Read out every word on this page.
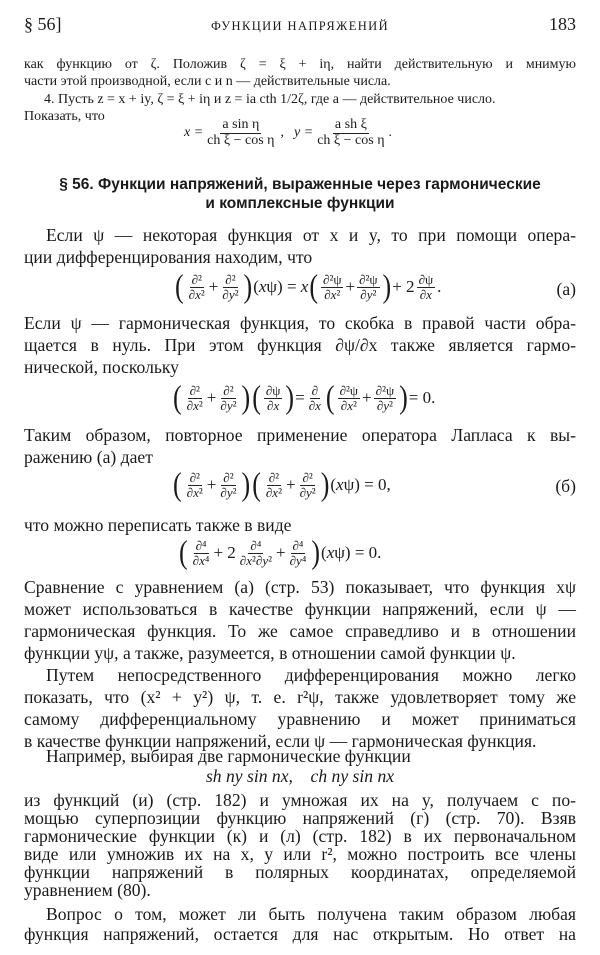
§ 56]	ФУНКЦИИ НАПРЯЖЕНИЙ	183
как функцию от ζ. Положив ζ = ξ + iη, найти действительную и мнимую
части этой производной, если c и n — действительные числа.
4. Пусть z = x + iy, ζ = ξ + iη и z = ia cth 1/2ζ, где a — действительное число.
Показать, что
$x = \frac{\text{a sin η}}{\text{ch ξ − cos η}}$ , $y = \frac{\text{a sh ξ}}{\text{ch ξ − cos η}}$ .
§ 56. Функции напряжений, выраженные через гармонические
и комплексные функции
Если ψ — некоторая функция от x и y, то при помощи опера-
ции дифференцирования находим, что
( $\frac{\text{∂²}}{\text{∂x²}} + \frac{\text{∂²}}{\text{∂y²}}$ ) (xψ) = x ( $\frac{\text{∂²ψ}}{\text{∂x²}} + \frac{\text{∂²ψ}}{\text{∂y²}}$ ) + $2 \frac{\partial\psi}{\partial x}$ .	(а)
Если ψ — гармоническая функция, то скобка в правой части обра-
щается в нуль. При этом функция ∂ψ/∂x также является гармо-
нической, поскольку
( $\frac{\text{∂²}}{\text{∂x²}} + \frac{\text{∂²}}{\text{∂y²}}$ ) ( $\frac{\partial\psi}{\partial x}$ ) = $\frac{\partial}{\partial x}$ ( $\frac{\text{∂²ψ}}{\text{∂x²}} + \frac{\text{∂²ψ}}{\text{∂y²}}$ ) = 0.
Таким образом, повторное применение оператора Лапласа к вы-
ражению (а) дает
( $\frac{\text{∂²}}{\text{∂x²}} + \frac{\text{∂²}}{\text{∂y²}}$ ) ( $\frac{\text{∂²}}{\text{∂x²}} + \frac{\text{∂²}}{\text{∂y²}}$ ) (xψ) = 0,	(б)
что можно переписать также в виде
( $\frac{\text{∂⁴}}{\text{∂x⁴}} + 2 \frac{\text{∂⁴}}{\text{∂x²∂y²}} + \frac{\text{∂⁴}}{\text{∂y⁴}}$ ) (xψ) = 0.
Сравнение с уравнением (а) (стр. 53) показывает, что функция xψ
может использоваться в качестве функции напряжений, если ψ —
гармоническая функция. То же самое справедливо и в отношении
функции yψ, а также, разумеется, в отношении самой функции ψ.
Путем непосредственного дифференцирования можно легко
показать, что (x² + y²) ψ, т. е. r²ψ, также удовлетворяет тому же
самому дифференциальному уравнению и может приниматься
в качестве функции напряжений, если ψ — гармоническая функция.
Например, выбирая две гармонические функции
sh ny sin nx,    ch ny sin nx
из функций (и) (стр. 182) и умножая их на y, получаем с по-
мощью суперпозиции функцию напряжений (г) (стр. 70). Взяв
гармонические функции (к) и (л) (стр. 182) в их первоначальном
виде или умножив их на x, y или r², можно построить все члены
функции напряжений в полярных координатах, определяемой
уравнением (80).
Вопрос о том, может ли быть получена таким образом любая
функция напряжений, остается для нас открытым. Но ответ на
